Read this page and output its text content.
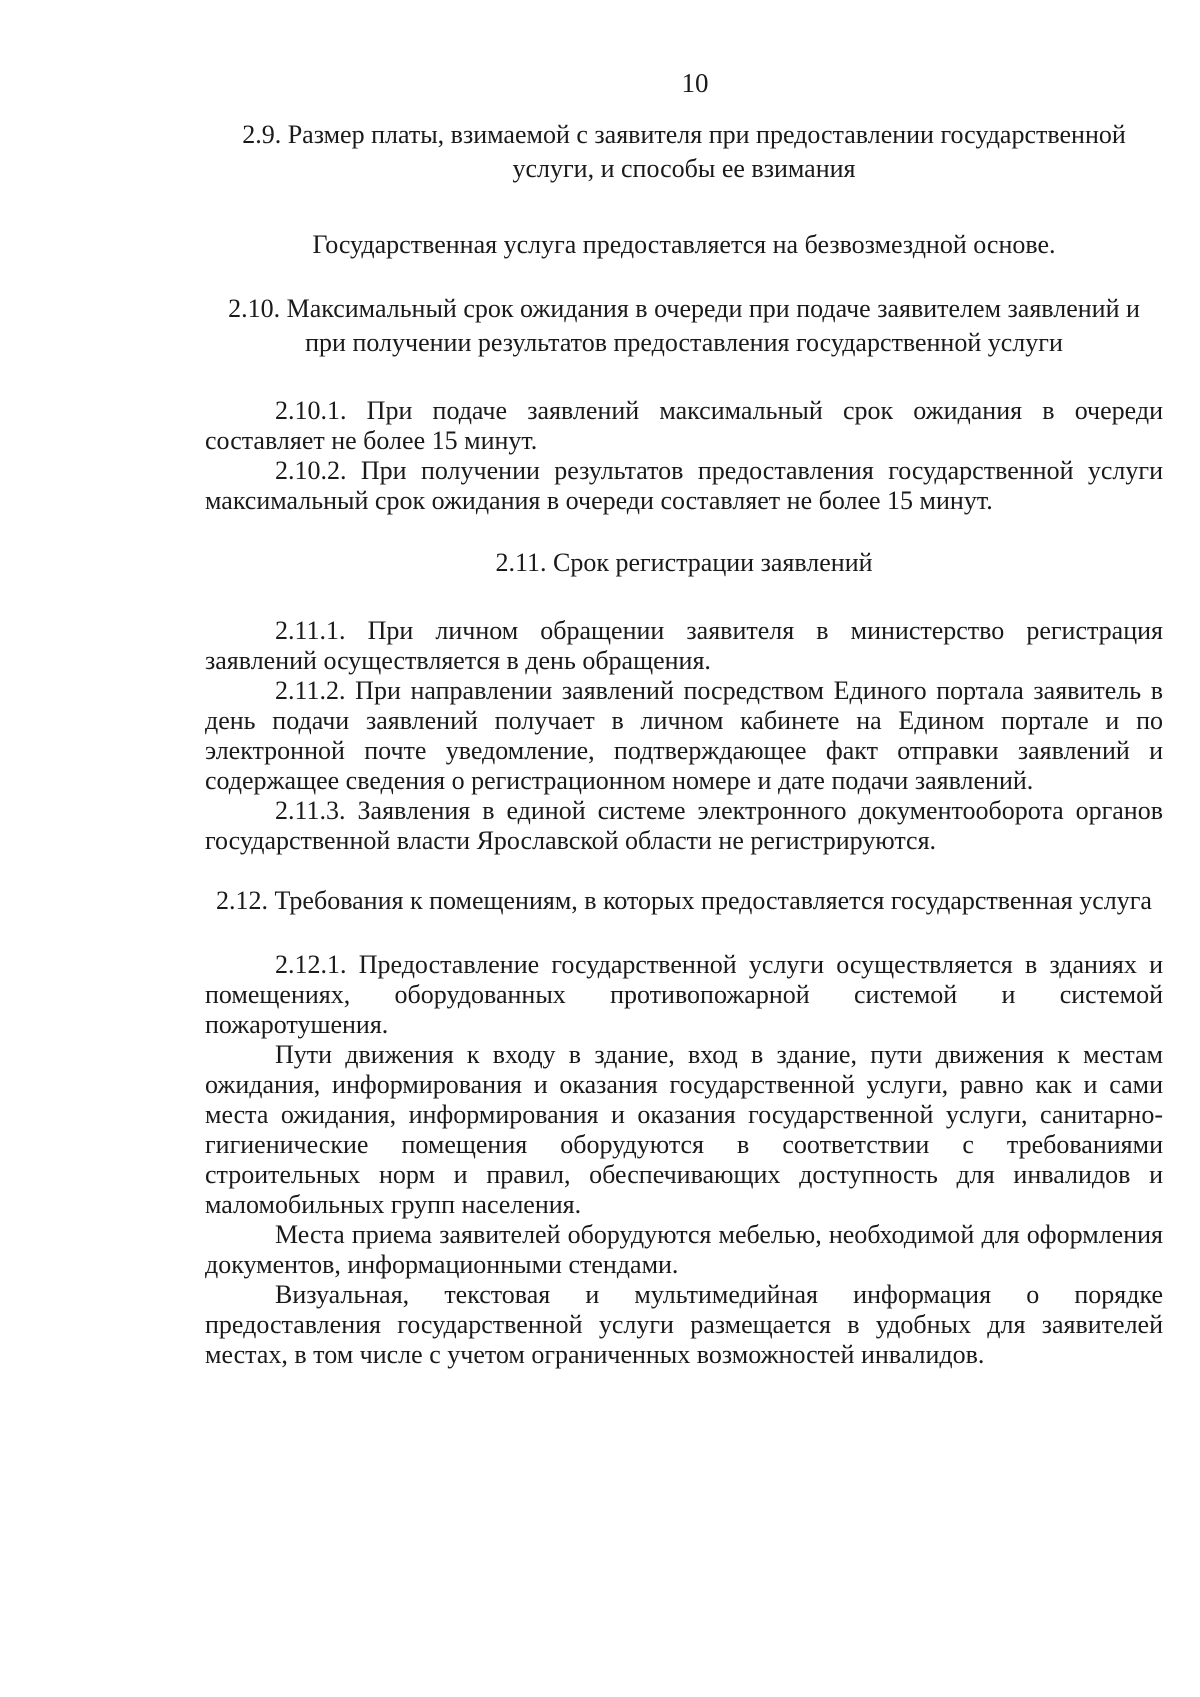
10

2.9. Размер платы, взимаемой с заявителя при предоставлении государственной услуги, и способы ее взимания

Государственная услуга предоставляется на безвозмездной основе.

2.10. Максимальный срок ожидания в очереди при подаче заявителем заявлений и при получении результатов предоставления государственной услуги

2.10.1. При подаче заявлений максимальный срок ожидания в очереди составляет не более 15 минут.

2.10.2. При получении результатов предоставления государственной услуги максимальный срок ожидания в очереди составляет не более 15 минут.

2.11. Срок регистрации заявлений

2.11.1. При личном обращении заявителя в министерство регистрация заявлений осуществляется в день обращения.

2.11.2. При направлении заявлений посредством Единого портала заявитель в день подачи заявлений получает в личном кабинете на Едином портале и по электронной почте уведомление, подтверждающее факт отправки заявлений и содержащее сведения о регистрационном номере и дате подачи заявлений.

2.11.3. Заявления в единой системе электронного документооборота органов государственной власти Ярославской области не регистрируются.

2.12. Требования к помещениям, в которых предоставляется государственная услуга

2.12.1. Предоставление государственной услуги осуществляется в зданиях и помещениях, оборудованных противопожарной системой и системой пожаротушения.

Пути движения к входу в здание, вход в здание, пути движения к местам ожидания, информирования и оказания государственной услуги, равно как и сами места ожидания, информирования и оказания государственной услуги, санитарно-гигиенические помещения оборудуются в соответствии с требованиями строительных норм и правил, обеспечивающих доступность для инвалидов и маломобильных групп населения.

Места приема заявителей оборудуются мебелью, необходимой для оформления документов, информационными стендами.

Визуальная, текстовая и мультимедийная информация о порядке предоставления государственной услуги размещается в удобных для заявителей местах, в том числе с учетом ограниченных возможностей инвалидов.
